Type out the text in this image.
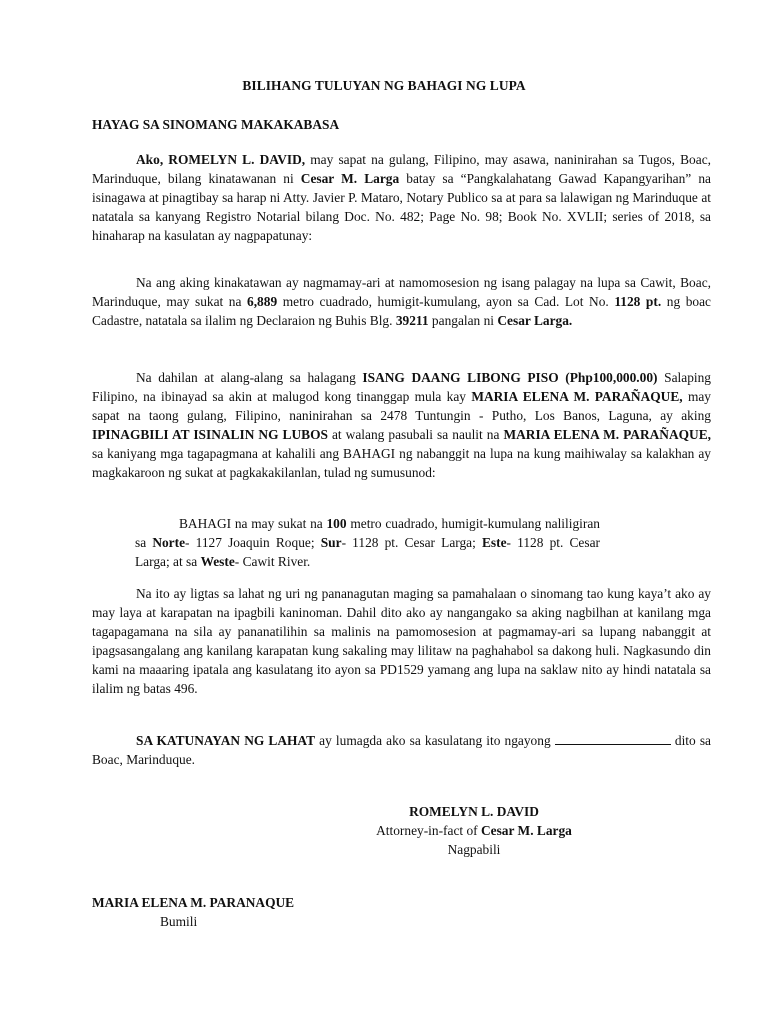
BILIHANG TULUYAN NG BAHAGI NG LUPA
HAYAG SA SINOMANG MAKAKABASA

Ako, ROMELYN L. DAVID, may sapat na gulang, Filipino, may asawa, naninirahan sa Tugos, Boac, Marinduque, bilang kinatawanan ni Cesar M. Larga batay sa “Pangkalahatang Gawad Kapangyarihan” na isinagawa at pinagtibay sa harap ni Atty. Javier P. Mataro, Notary Publico sa at para sa lalawigan ng Marinduque at natatala sa kanyang Registro Notarial bilang Doc. No. 482; Page No. 98; Book No. XVLII; series of 2018, sa hinaharap na kasulatan ay nagpapatunay:

Na ang aking kinakatawan ay nagmamay-ari at namomosesion ng isang palagay na lupa sa Cawit, Boac, Marinduque, may sukat na 6,889 metro cuadrado, humigit-kumulang, ayon sa Cad. Lot No. 1128 pt. ng boac Cadastre, natatala sa ilalim ng Declaraion ng Buhis Blg. 39211 pangalan ni Cesar Larga.

Na dahilan at alang-alang sa halagang ISANG DAANG LIBONG PISO (Php100,000.00) Salaping Filipino, na ibinayad sa akin at malugod kong tinanggap mula kay MARIA ELENA M. PARAÑAQUE, may sapat na taong gulang, Filipino, naninirahan sa 2478 Tuntungin - Putho, Los Banos, Laguna, ay aking IPINAGBILI AT ISINALIN NG LUBOS at walang pasubali sa naulit na MARIA ELENA M. PARAÑAQUE, sa kaniyang mga tagapagmana at kahalili ang BAHAGI ng nabanggit na lupa na kung maihiwalay sa kalakhan ay magkakaroon ng sukat at pagkakakilanlan, tulad ng sumusunod:

BAHAGI na may sukat na 100 metro cuadrado, humigit-kumulang naliligiran sa Norte- 1127 Joaquin Roque; Sur- 1128 pt. Cesar Larga; Este- 1128 pt. Cesar Larga; at sa Weste- Cawit River.

Na ito ay ligtas sa lahat ng uri ng pananagutan maging sa pamahalaan o sinomang tao kung kaya’t ako ay may laya at karapatan na ipagbili kaninoman. Dahil dito ako ay nangangako sa aking nagbilhan at kanilang mga tagapagamana na sila ay pananatilihin sa malinis na pamomosesion at pagmamay-ari sa lupang nabanggit at ipagsasangalang ang kanilang karapatan kung sakaling may lilitaw na paghahabol sa dakong huli. Nagkasundo din kami na maaaring ipatala ang kasulatang ito ayon sa PD1529 yamang ang lupa na saklaw nito ay hindi natatala sa ilalim ng batas 496.

SA KATUNAYAN NG LAHAT ay lumagda ako sa kasulatang ito ngayong	dito sa Boac, Marinduque.

ROMELYN L. DAVID
Attorney-in-fact of Cesar M. Larga
Nagpabili
MARIA ELENA M. PARANAQUE
Bumili
